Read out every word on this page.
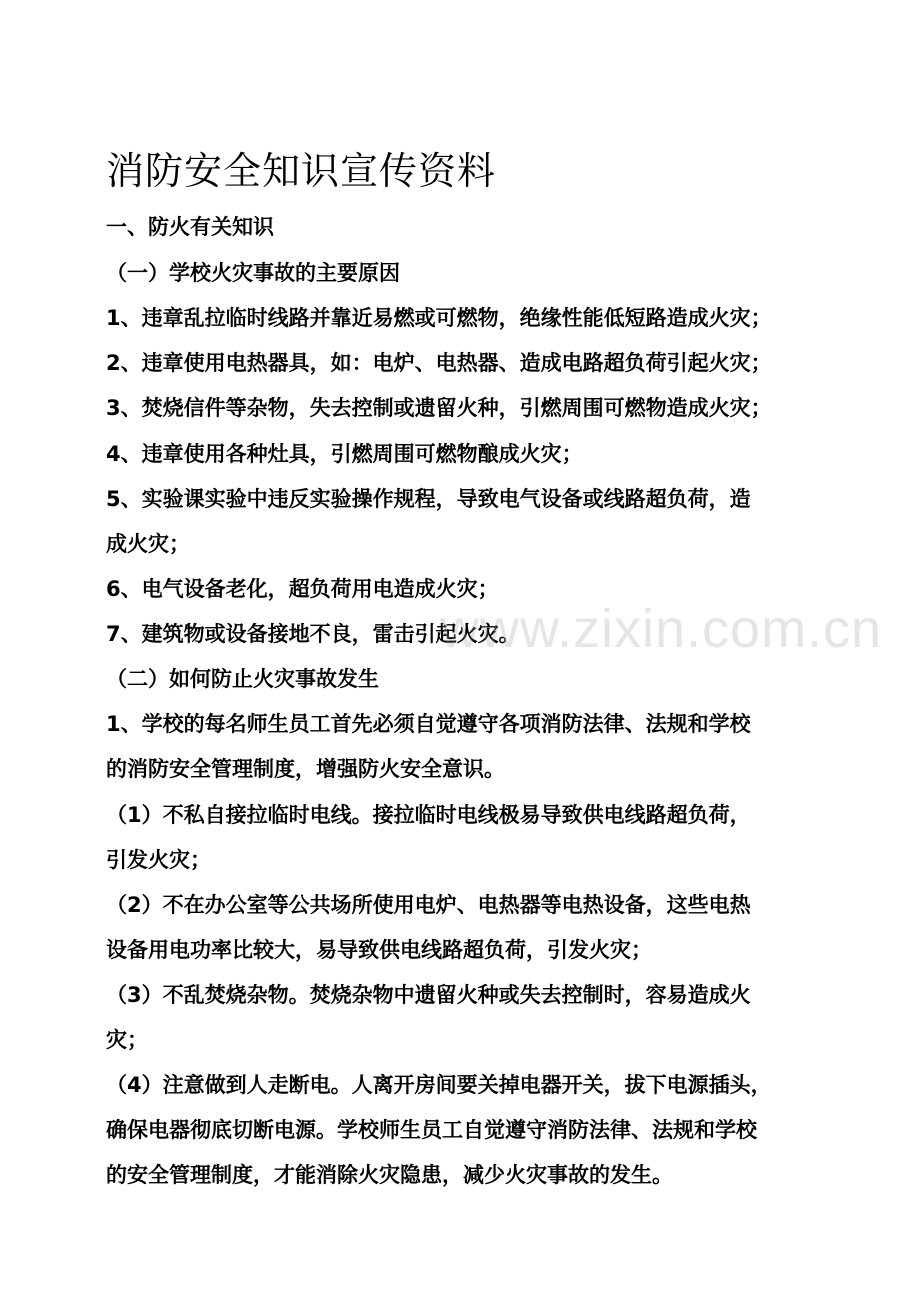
消防安全知识宣传资料
一、防火有关知识
（一）学校火灾事故的主要原因
1、违章乱拉临时线路并靠近易燃或可燃物，绝缘性能低短路造成火灾；
2、违章使用电热器具，如：电炉、电热器、造成电路超负荷引起火灾；
3、焚烧信件等杂物，失去控制或遗留火种，引燃周围可燃物造成火灾；
4、违章使用各种灶具，引燃周围可燃物酿成火灾；
5、实验课实验中违反实验操作规程，导致电气设备或线路超负荷，造
成火灾；
6、电气设备老化，超负荷用电造成火灾；
7、建筑物或设备接地不良，雷击引起火灾。
（二）如何防止火灾事故发生
1、学校的每名师生员工首先必须自觉遵守各项消防法律、法规和学校
的消防安全管理制度，增强防火安全意识。
（1）不私自接拉临时电线。接拉临时电线极易导致供电线路超负荷，
引发火灾；
（2）不在办公室等公共场所使用电炉、电热器等电热设备，这些电热
设备用电功率比较大，易导致供电线路超负荷，引发火灾；
（3）不乱焚烧杂物。焚烧杂物中遗留火种或失去控制时，容易造成火
灾；
（4）注意做到人走断电。人离开房间要关掉电器开关，拔下电源插头，
确保电器彻底切断电源。学校师生员工自觉遵守消防法律、法规和学校
的安全管理制度，才能消除火灾隐患，减少火灾事故的发生。
www.zixin.com.cn
